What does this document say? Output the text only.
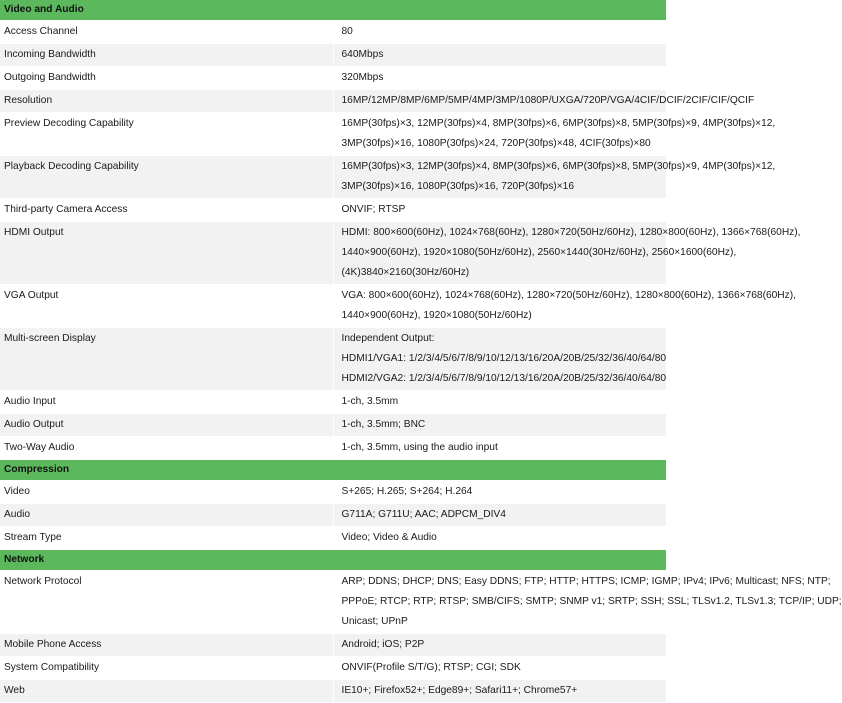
Video and Audio	
Access Channel	80

Incoming Bandwidth	640Mbps

Outgoing Bandwidth	320Mbps

Resolution	16MP/12MP/8MP/6MP/5MP/4MP/3MP/1080P/UXGA/720P/VGA/4CIF/DCIF/2CIF/CIF/QCIF

Preview Decoding Capability	16MP(30fps)×3, 12MP(30fps)×4, 8MP(30fps)×6, 6MP(30fps)×8, 5MP(30fps)×9, 4MP(30fps)×12,
3MP(30fps)×16, 1080P(30fps)×24, 720P(30fps)×48, 4CIF(30fps)×80

Playback Decoding Capability	16MP(30fps)×3, 12MP(30fps)×4, 8MP(30fps)×6, 6MP(30fps)×8, 5MP(30fps)×9, 4MP(30fps)×12,
3MP(30fps)×16, 1080P(30fps)×16, 720P(30fps)×16

Third-party Camera Access	ONVIF; RTSP

HDMI Output	HDMI: 800×600(60Hz), 1024×768(60Hz), 1280×720(50Hz/60Hz), 1280×800(60Hz), 1366×768(60Hz),
1440×900(60Hz), 1920×1080(50Hz/60Hz), 2560×1440(30Hz/60Hz), 2560×1600(60Hz),
(4K)3840×2160(30Hz/60Hz)

VGA Output	VGA: 800×600(60Hz), 1024×768(60Hz), 1280×720(50Hz/60Hz), 1280×800(60Hz), 1366×768(60Hz),
1440×900(60Hz), 1920×1080(50Hz/60Hz)

Multi-screen Display	Independent Output:
HDMI1/VGA1: 1/2/3/4/5/6/7/8/9/10/12/13/16/20A/20B/25/32/36/40/64/80
HDMI2/VGA2: 1/2/3/4/5/6/7/8/9/10/12/13/16/20A/20B/25/32/36/40/64/80

Audio Input	1-ch, 3.5mm

Audio Output	1-ch, 3.5mm; BNC

Two-Way Audio	1-ch, 3.5mm, using the audio input

Compression	
Video	S+265; H.265; S+264; H.264

Audio	G711A; G711U; AAC; ADPCM_DIV4

Stream Type	Video; Video & Audio

Network	
Network Protocol	ARP; DDNS; DHCP; DNS; Easy DDNS; FTP; HTTP; HTTPS; ICMP; IGMP; IPv4; IPv6; Multicast; NFS; NTP;
PPPoE; RTCP; RTP; RTSP; SMB/CIFS; SMTP; SNMP v1; SRTP; SSH; SSL; TLSv1.2, TLSv1.3; TCP/IP; UDP;
Unicast; UPnP

Mobile Phone Access	Android; iOS; P2P

System Compatibility	ONVIF(Profile S/T/G); RTSP; CGI; SDK

Web	IE10+; Firefox52+; Edge89+; Safari11+; Chrome57+
